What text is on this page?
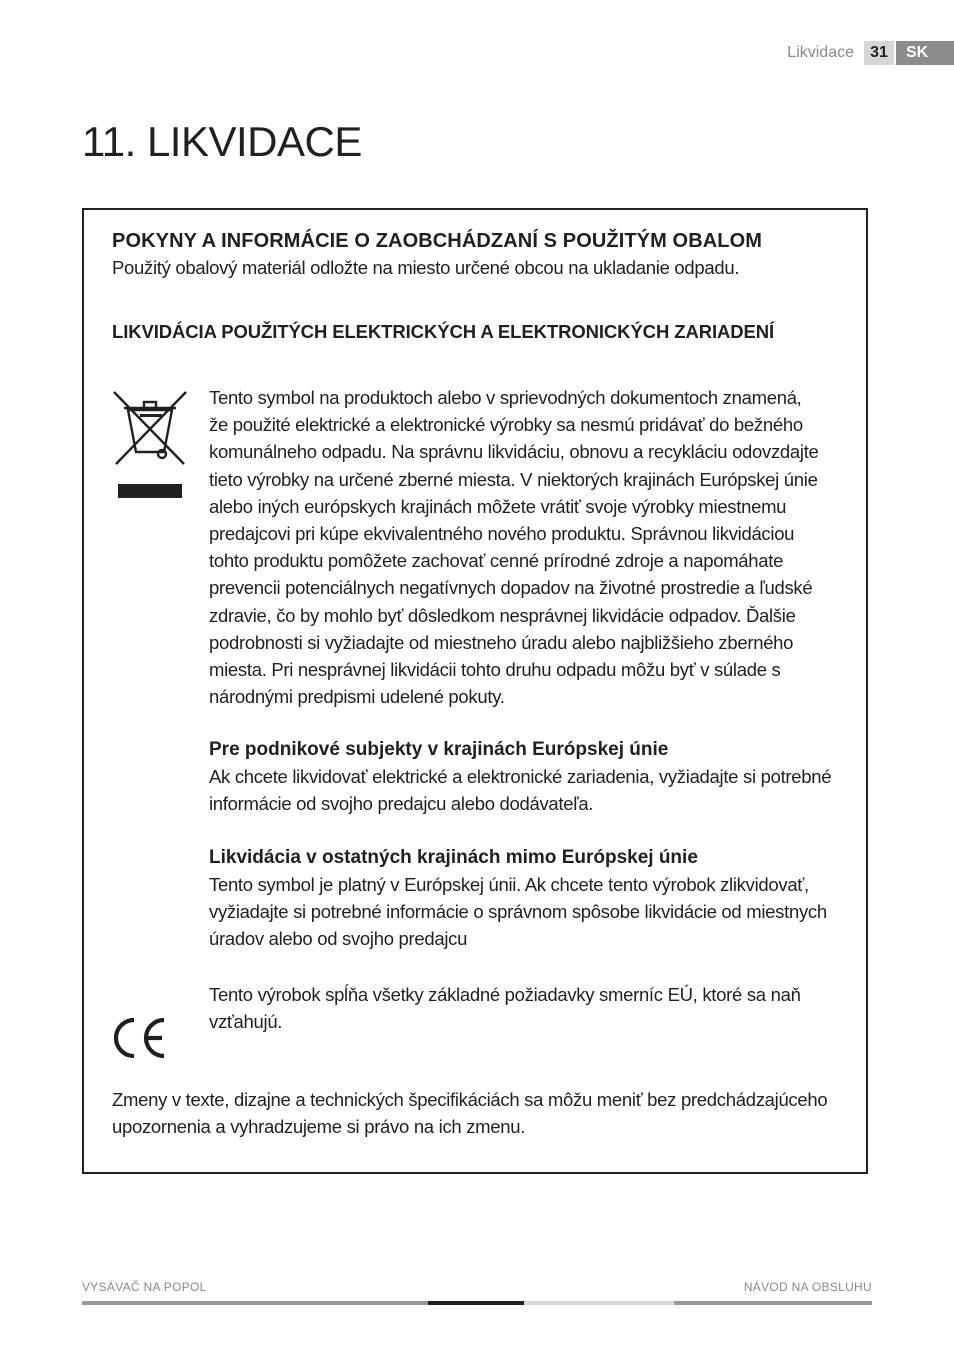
Likvidace	31	SK
11. LIKVIDACE
POKYNY A INFORMÁCIE O ZAOBCHÁDZANÍ S POUŽITÝM OBALOM

Použitý obalový materiál odložte na miesto určené obcou na ukladanie odpadu.

LIKVIDÁCIA POUŽITÝCH ELEKTRICKÝCH A ELEKTRONICKÝCH ZARIADENÍ

Tento symbol na produktoch alebo v sprievodných dokumentoch znamená,

že použité elektrické a elektronické výrobky sa nesmú pridávať do bežného

komunálneho odpadu. Na správnu likvidáciu, obnovu a recykláciu odovzdajte

tieto výrobky na určené zberné miesta. V niektorých krajinách Európskej únie

alebo iných európskych krajinách môžete vrátiť svoje výrobky miestnemu

predajcovi pri kúpe ekvivalentného nového produktu. Správnou likvidáciou

tohto produktu pomôžete zachovať cenné prírodné zdroje a napomáhate

prevencii potenciálnych negatívnych dopadov na životné prostredie a ľudské

zdravie, čo by mohlo byť dôsledkom nesprávnej likvidácie odpadov. Ďalšie

podrobnosti si vyžiadajte od miestneho úradu alebo najbližšieho zberného

miesta. Pri nesprávnej likvidácii tohto druhu odpadu môžu byť v súlade s

národnými predpismi udelené pokuty.

Pre podnikové subjekty v krajinách Európskej únie

Ak chcete likvidovať elektrické a elektronické zariadenia, vyžiadajte si potrebné

informácie od svojho predajcu alebo dodávateľa.

Likvidácia v ostatných krajinách mimo Európskej únie

Tento symbol je platný v Európskej únii. Ak chcete tento výrobok zlikvidovať,

vyžiadajte si potrebné informácie o správnom spôsobe likvidácie od miestnych

úradov alebo od svojho predajcu

Tento výrobok spĺňa všetky základné požiadavky smerníc EÚ, ktoré sa naň

vzťahujú.

Zmeny v texte, dizajne a technických špecifikáciách sa môžu meniť bez predchádzajúceho

upozornenia a vyhradzujeme si právo na ich zmenu.

VYSÁVAČ NA POPOL	NÁVOD NA OBSLUHU
